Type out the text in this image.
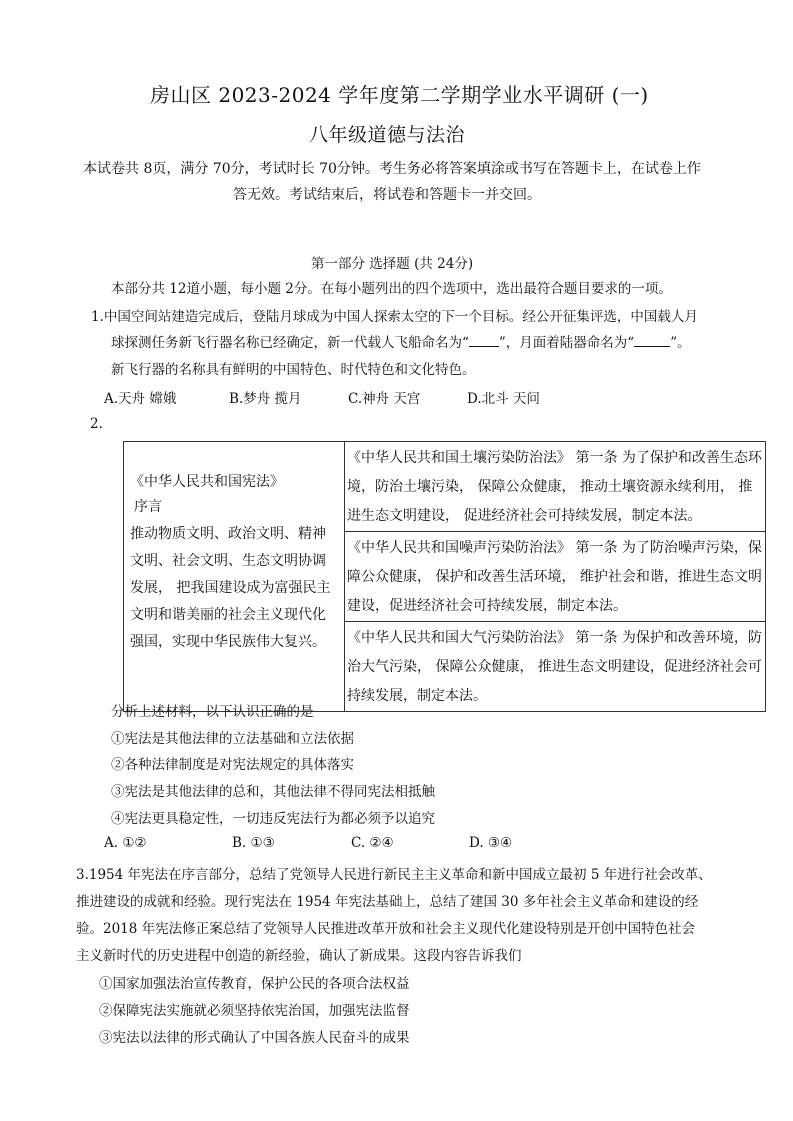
房山区 2023-2024 学年度第二学期学业水平调研 (一)
八年级道德与法治
本试卷共 8页，满分 70分，考试时长 70分钟。考生务必将答案填涂或书写在答题卡上，在试卷上作
答无效。考试结束后，将试卷和答题卡一并交回。
第一部分 选择题 (共 24分)
本部分共 12道小题，每小题 2分。在每小题列出的四个选项中，选出最符合题目要求的一项。
1.中国空间站建造完成后，登陆月球成为中国人探索太空的下一个目标。经公开征集评选，中国载人月
球探测任务新飞行器名称已经确定，新一代载人飞船命名为“ ”，月面着陆器命名为“	”。
新飞行器的名称具有鲜明的中国特色、时代特色和文化特色。
A.天舟 嫦娥	B.梦舟 揽月	C.神舟 天宫	D.北斗 天问
2.
《中华人民共和国宪法》
序言
推动物质文明、政治文明、精神
文明、社会文明、生态文明协调
发展， 把我国建设成为富强民主
文明和谐美丽的社会主义现代化
强国，实现中华民族伟大复兴。
	《中华人民共和国土壤污染防治法》 第一条 为了保护和改善生态环境，防治土壤污染， 保障公众健康， 推动土壤资源永续利用， 推进生态文明建设， 促进经济社会可持续发展，制定本法。
《中华人民共和国噪声污染防治法》 第一条 为了防治噪声污染，保障公众健康， 保护和改善生活环境， 维护社会和谐，推进生态文明建设，促进经济社会可持续发展，制定本法。
《中华人民共和国大气污染防治法》 第一条 为保护和改善环境，防治大气污染， 保障公众健康， 推进生态文明建设，促进经济社会可持续发展，制定本法。
分析上述材料，以下认识正确的是
①宪法是其他法律的立法基础和立法依据
②各种法律制度是对宪法规定的具体落实
③宪法是其他法律的总和，其他法律不得同宪法相抵触
④宪法更具稳定性，一切违反宪法行为都必须予以追究
A. ①②	B. ①③	C. ②④	D. ③④
3.1954 年宪法在序言部分，总结了党领导人民进行新民主主义革命和新中国成立最初 5 年进行社会改革、
推进建设的成就和经验。现行宪法在 1954 年宪法基础上，总结了建国 30 多年社会主义革命和建设的经
验。2018 年宪法修正案总结了党领导人民推进改革开放和社会主义现代化建设特别是开创中国特色社会
主义新时代的历史进程中创造的新经验，确认了新成果。这段内容告诉我们
①国家加强法治宣传教育，保护公民的各项合法权益
②保障宪法实施就必须坚持依宪治国，加强宪法监督
③宪法以法律的形式确认了中国各族人民奋斗的成果
